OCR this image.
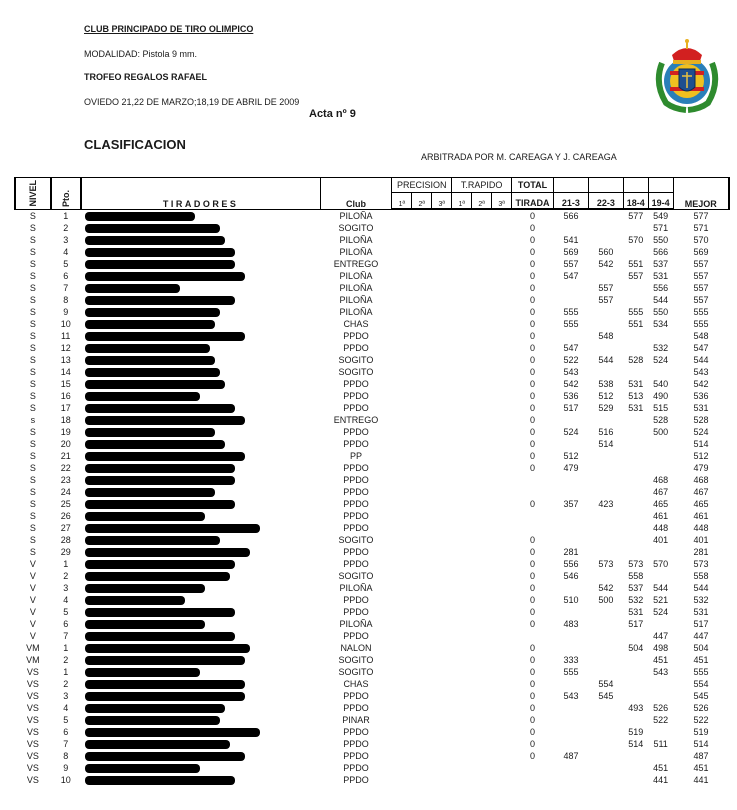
CLUB PRINCIPADO DE TIRO OLIMPICO
MODALIDAD: Pistola 9 mm.
TROFEO REGALOS RAFAEL
OVIEDO 21,22 DE MARZO;18,19 DE ABRIL DE 2009
Acta nº 9
CLASIFICACION
ARBITRADA POR M. CAREAGA Y J. CAREAGA
NIVEL	Pto.	TIRADORES	Club	PRECISION			T.RAPIDO			TOTAL					MEJOR
				1ª	2ª	3ª	1ª	2ª	3ª	TIRADA	21-3	22-3	18-4	19-4	
S	1		PILOÑA							0	566		577	549	577
S	2		SOGITO							0				571	571
S	3		PILOÑA							0	541		570	550	570
S	4		PILOÑA							0	569	560		566	569
S	5		ENTREGO							0	557	542	551	537	557
S	6		PILOÑA							0	547		557	531	557
S	7		PILOÑA							0		557		556	557
S	8		PILOÑA							0		557		544	557
S	9		PILOÑA							0	555		555	550	555
S	10		CHAS							0	555		551	534	555
S	11		PPDO							0		548			548
S	12		PPDO							0	547			532	547
S	13		SOGITO							0	522	544	528	524	544
S	14		SOGITO							0	543				543
S	15		PPDO							0	542	538	531	540	542
S	16		PPDO							0	536	512	513	490	536
S	17		PPDO							0	517	529	531	515	531
s	18		ENTREGO							0				528	528
S	19		PPDO							0	524	516		500	524
S	20		PPDO							0		514			514
S	21		PP							0	512				512
S	22		PPDO							0	479				479
S	23		PPDO											468	468
S	24		PPDO											467	467
S	25		PPDO							0	357	423		465	465
S	26		PPDO											461	461
S	27		PPDO											448	448
S	28		SOGITO							0				401	401
S	29		PPDO							0	281				281
V	1		PPDO							0	556	573	573	570	573
V	2		SOGITO							0	546		558		558
V	3		PILOÑA							0		542	537	544	544
V	4		PPDO							0	510	500	532	521	532
V	5		PPDO							0			531	524	531
V	6		PILOÑA							0	483		517		517
V	7		PPDO											447	447
VM	1		NALON							0			504	498	504
VM	2		SOGITO							0	333			451	451
VS	1		SOGITO							0	555			543	555
VS	2		CHAS							0		554			554
VS	3		PPDO							0	543	545			545
VS	4		PPDO							0			493	526	526
VS	5		PINAR							0				522	522
VS	6		PPDO							0			519		519
VS	7		PPDO							0			514	511	514
VS	8		PPDO							0	487				487
VS	9		PPDO											451	451
VS	10		PPDO											441	441
